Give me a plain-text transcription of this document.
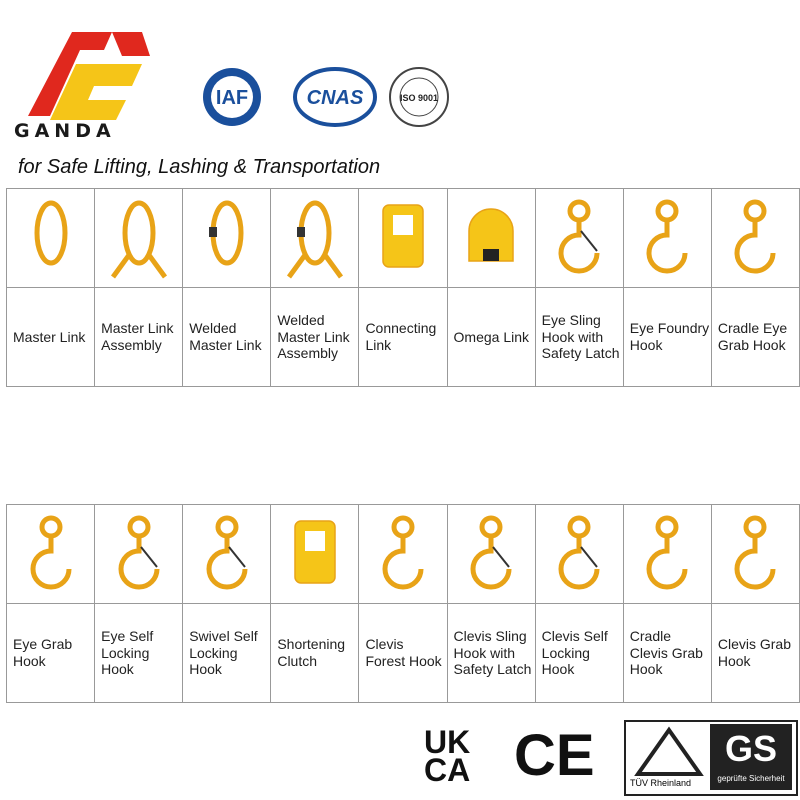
GANDA
IAF	CNAS	ISO 9001
for Safe Lifting, Lashing & Transportation

Master Link	Master Link Assembly	Welded Master Link	Welded Master Link Assembly	Connecting Link	Omega Link	Eye Sling Hook with Safety Latch	Eye Foundry Hook	Cradle Eye Grab Hook

Eye Grab Hook	Eye Self Locking Hook	Swivel Self Locking Hook	Shortening Clutch	Clevis Forest Hook	Clevis Sling Hook with Safety Latch	Clevis Self Locking Hook	Cradle Clevis Grab Hook	Clevis Grab Hook
UK
CA CE	TÜV Rheinland
GS
geprüfte Sicherheit
